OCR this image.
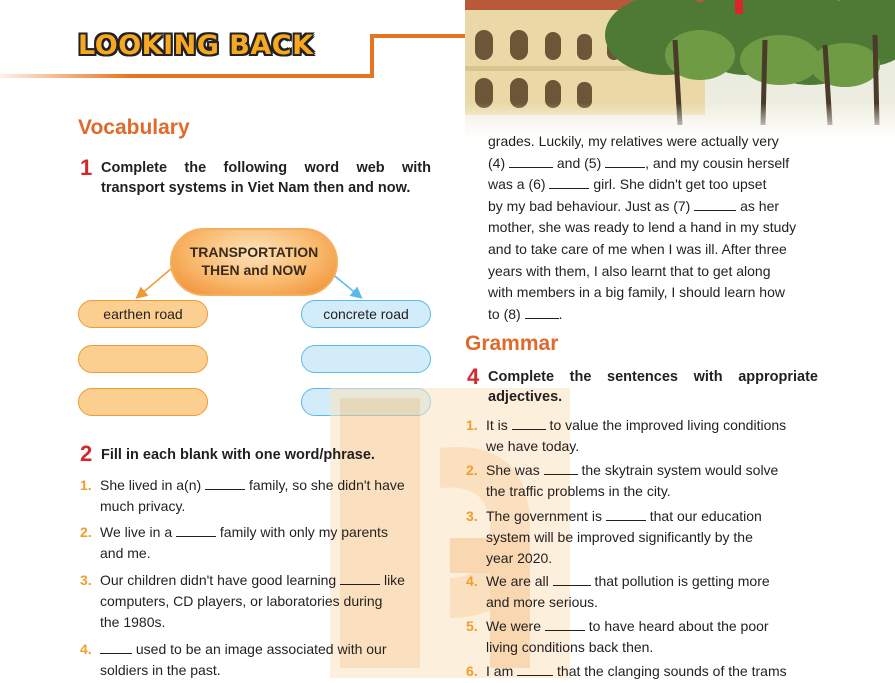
LOOKING BACK
Vocabulary
1 Complete the following word web with
transport systems in Viet Nam then and now.
TRANSPORTATION
THEN and NOW
earthen road	concrete road
2 Fill in each blank with one word/phrase.
1. She lived in a(n)	family, so she didn't have
much privacy.
2. We live in a	family with only my parents
and me.
3. Our children didn't have good learning	like
computers, CD players, or laboratories during
the 1980s.
4.	used to be an image associated with our
soldiers in the past.
grades. Luckily, my relatives were actually very
(4)	and (5)	, and my cousin herself
was a (6)	girl. She didn't get too upset
by my bad behaviour. Just as (7)	as her
mother, she was ready to lend a hand in my study
and to take care of me when I was ill. After three
years with them, I also learnt that to get along
with members in a big family, I should learn how
to (8) .
Grammar
4 Complete the sentences with appropriate
adjectives.
1. It is  to value the improved living conditions
we have today.
2. She was  the skytrain system would solve
the traffic problems in the city.
3. The government is	that our education
system will be improved significantly by the
year 2020.
4. We are all	that pollution is getting more
and more serious.
5. We were	to have heard about the poor
living conditions back then.
6. I am	that the clanging sounds of the trams
